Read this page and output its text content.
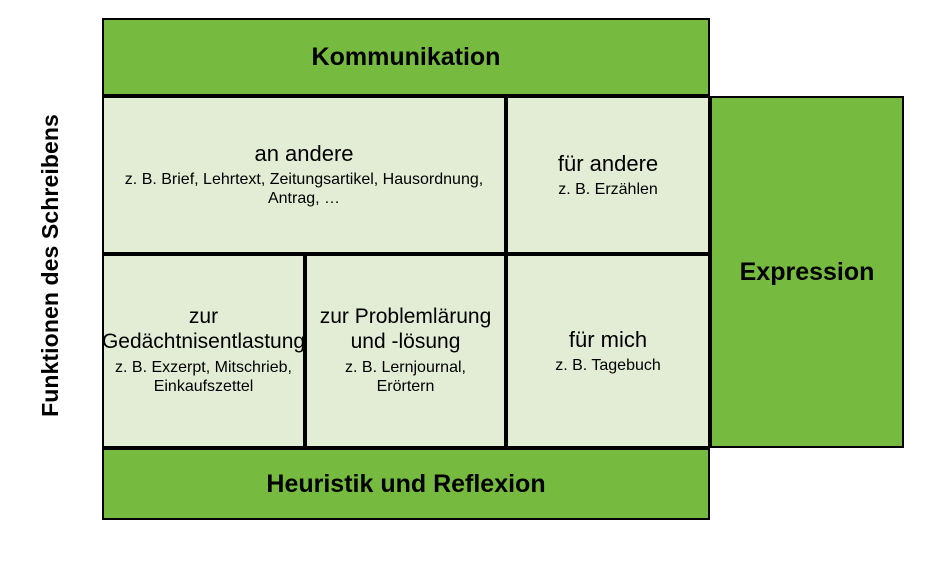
Funktionen des Schreibens
Kommunikation
Expression
an andere
z. B. Brief, Lehrtext, Zeitungsartikel, Hausordnung, Antrag, …
für andere
z. B. Erzählen
zur Gedächtnisentlastung
z. B. Exzerpt, Mitschrieb, Einkaufszettel
zur Problemlärung und -lösung
z. B. Lernjournal, Erörtern
für mich
z. B. Tagebuch
Heuristik und Reflexion
